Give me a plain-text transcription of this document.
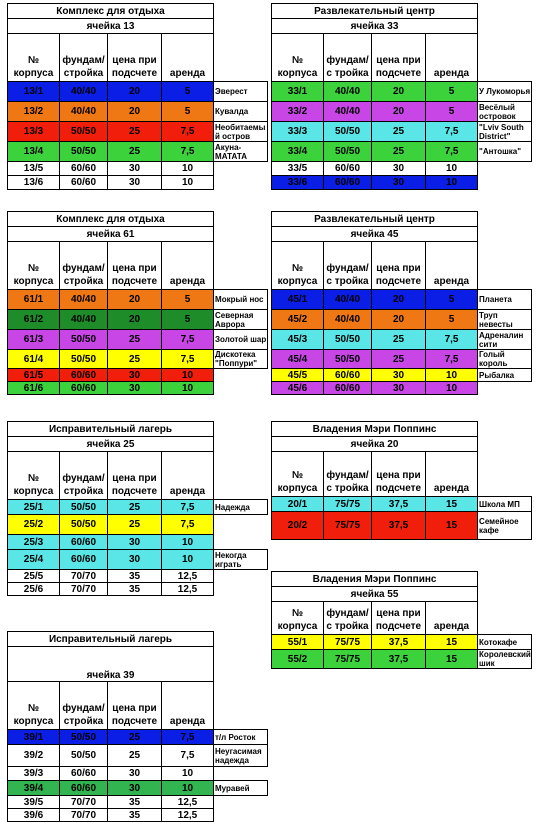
Комплекс для отдыха				
ячейка 13				
№ корпуса	фундам/ стройка	цена при подсчете	аренда	
13/1	40/40	20	5	Эверест
13/2	40/40	20	5	Кувалда
13/3	50/50	25	7,5	Необитаемы й остров
13/4	50/50	25	7,5	Акуна-МАТАТА
13/5	60/60	30	10	
13/6	60/60	30	10	
Развлекательный центр				
ячейка 33				
№ корпуса	фундам/с тройка	цена при подсчете	аренда	
33/1	40/40	20	5	У Лукоморья
33/2	40/40	20	5	Весёлый островок
33/3	50/50	25	7,5	"Lviv South District"
33/4	50/50	25	7,5	"Антошка"
33/5	60/60	30	10	
33/6	60/60	30	10	
Комплекс для отдыха				
ячейка 61				
№ корпуса	фундам/ стройка	цена при подсчете	аренда	
61/1	40/40	20	5	Мокрый нос
61/2	40/40	20	5	Северная Аврора
61/3	50/50	25	7,5	Золотой шар
61/4	50/50	25	7,5	Дискотека "Поппури"
61/5	60/60	30	10	
61/6	60/60	30	10	
Развлекательный центр				
ячейка 45				
№ корпуса	фундам/с тройка	цена при подсчете	аренда	
45/1	40/40	20	5	Планета
45/2	40/40	20	5	Труп невесты
45/3	50/50	25	7,5	Адреналин сити
45/4	50/50	25	7,5	Голый король
45/5	60/60	30	10	Рыбалка
45/6	60/60	30	10	
Исправительный лагерь				
ячейка 25				
№ корпуса	фундам/ стройка	цена при подсчете	аренда	
25/1	50/50	25	7,5	Надежда
25/2	50/50	25	7,5	
25/3	60/60	30	10	
25/4	60/60	30	10	Некогда играть
25/5	70/70	35	12,5	
25/6	70/70	35	12,5	
Владения Мэри Поппинс				
ячейка 20				
№ корпуса	фундам/с тройка	цена при подсчете	аренда	
20/1	75/75	37,5	15	Школа МП
20/2	75/75	37,5	15	Семейное кафе
Владения Мэри Поппинс				
ячейка 55				
№ корпуса	фундам/с тройка	цена при подсчете	аренда	
55/1	75/75	37,5	15	Котокафе
55/2	75/75	37,5	15	Королевский шик
Исправительный лагерь				
ячейка 39				
№ корпуса	фундам/ стройка	цена при подсчете	аренда	
39/1	50/50	25	7,5	т/л Росток
39/2	50/50	25	7,5	Неугасимая надежда
39/3	60/60	30	10	
39/4	60/60	30	10	Муравей
39/5	70/70	35	12,5	
39/6	70/70	35	12,5	
